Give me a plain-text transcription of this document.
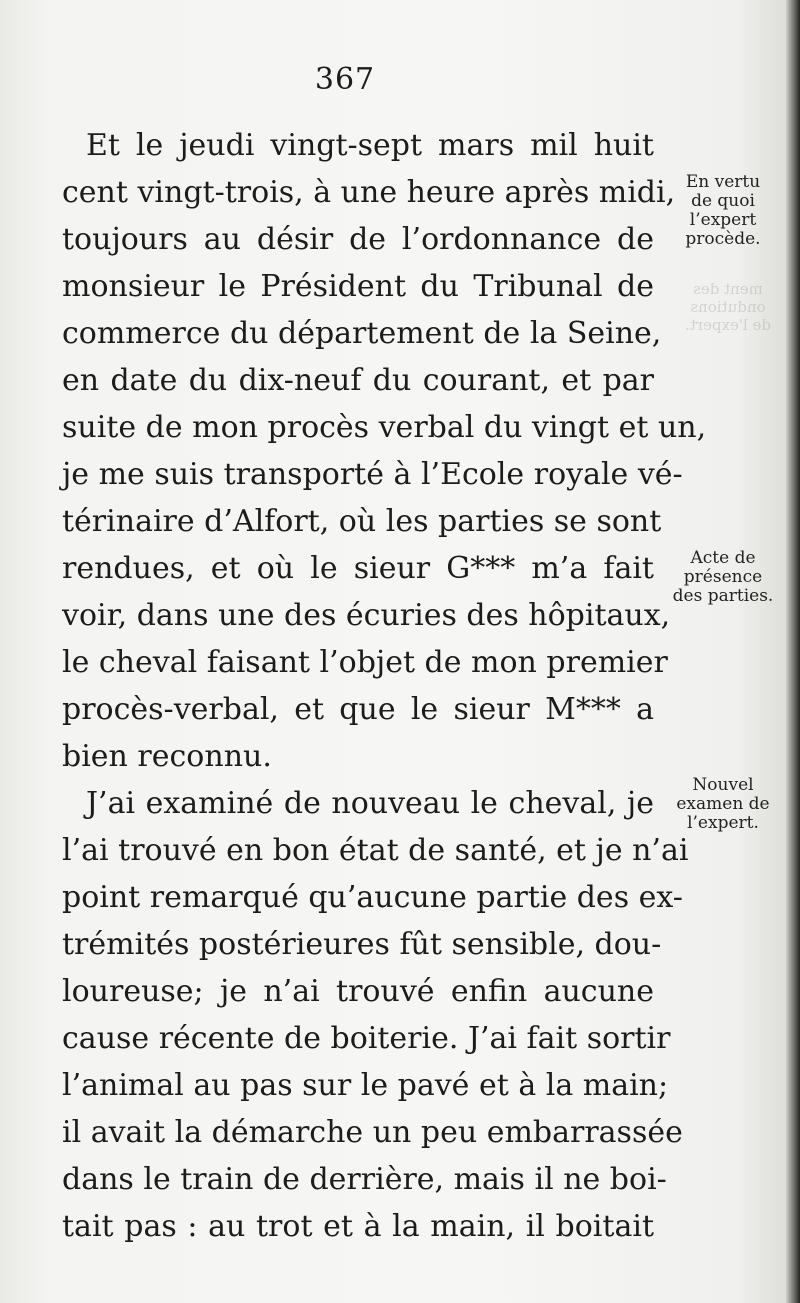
ment des
ondutions
de l'expert.
367
Et le jeudi vingt-sept mars mil huit
cent vingt-trois, à une heure après midi,
toujours au désir de l’ordonnance de
monsieur le Président du Tribunal de
commerce du département de la Seine,
en date du dix-neuf du courant, et par
suite de mon procès verbal du vingt et un,
je me suis transporté à l’Ecole royale vé-
térinaire d’Alfort, où les parties se sont
rendues, et où le sieur G*** m’a fait
voir, dans une des écuries des hôpitaux,
le cheval faisant l’objet de mon premier
procès-verbal, et que le sieur M*** a
bien reconnu.
J’ai examiné de nouveau le cheval, je
l’ai trouvé en bon état de santé, et je n’ai
point remarqué qu’aucune partie des ex-
trémités postérieures fût sensible, dou-
loureuse; je n’ai trouvé enfin aucune
cause récente de boiterie. J’ai fait sortir
l’animal au pas sur le pavé et à la main;
il avait la démarche un peu embarrassée
dans le train de derrière, mais il ne boi-
tait pas : au trot et à la main, il boitait
En vertu
de quoi
l’expert
procède.
Acte de
présence
des parties.
Nouvel
examen de
l’expert.
